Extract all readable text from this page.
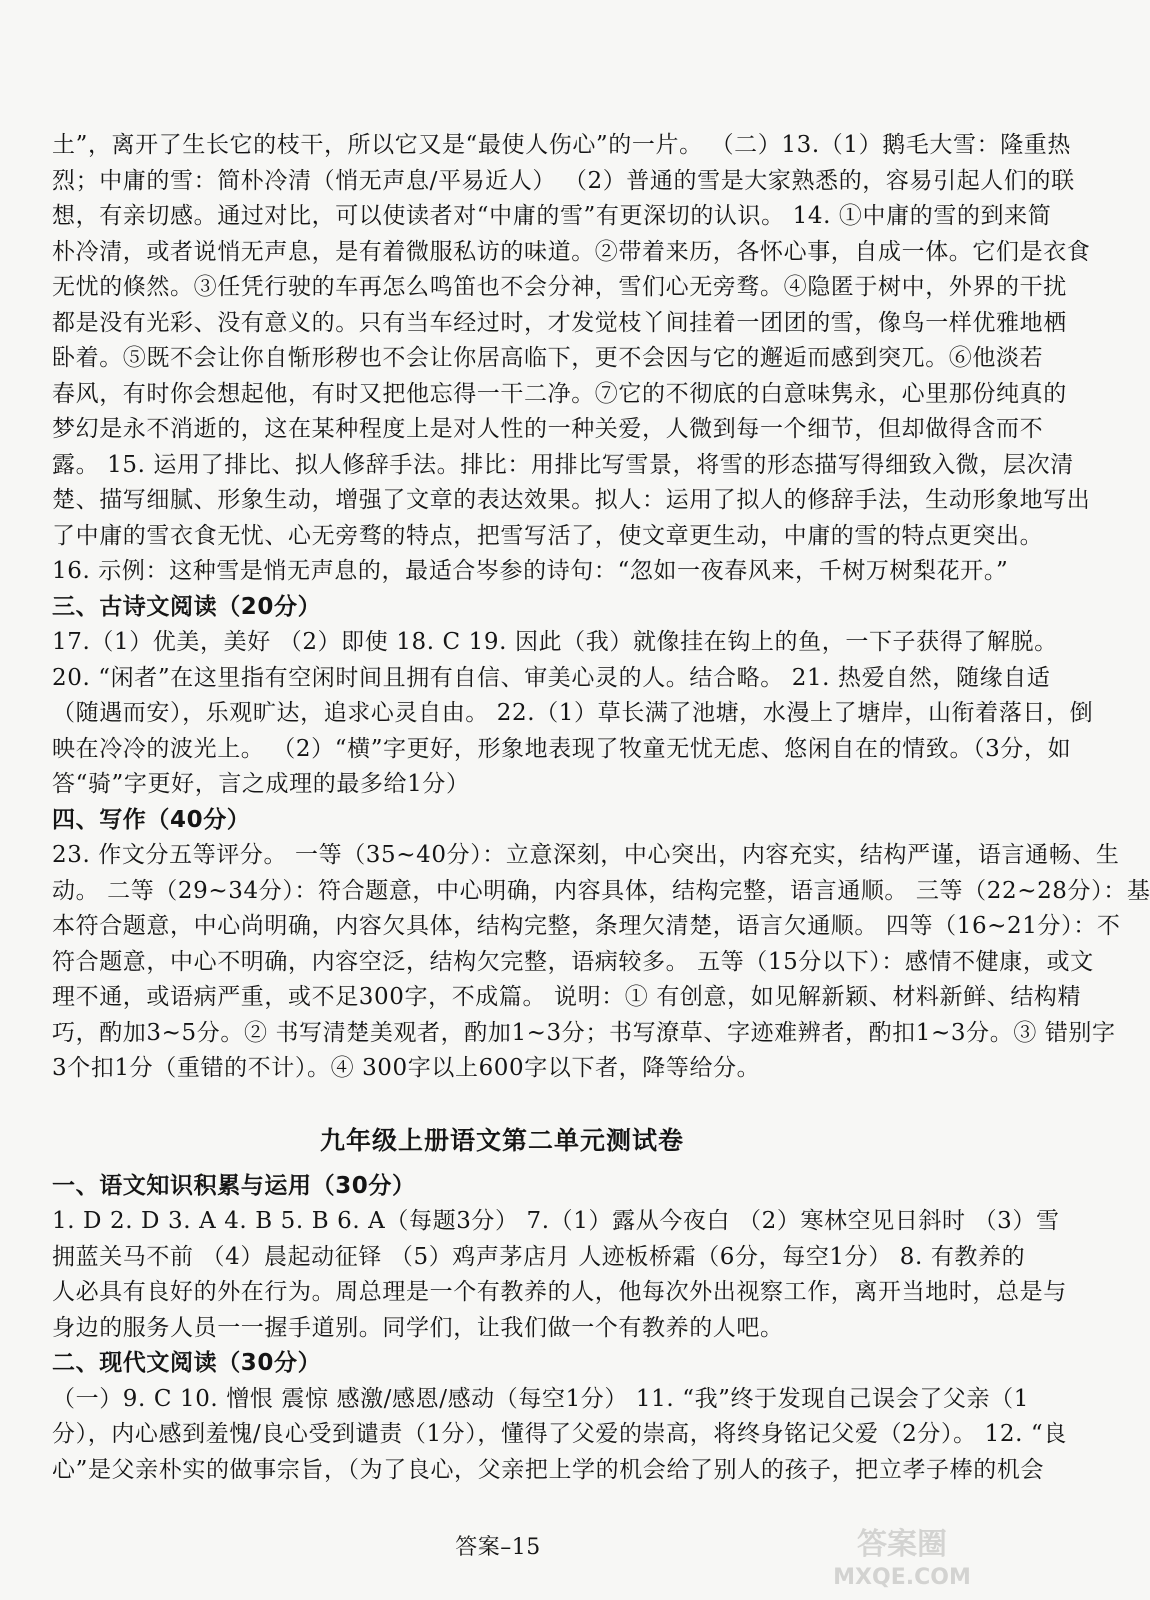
土”，离开了生长它的枝干，所以它又是“最使人伤心”的一片。 （二）13.（1）鹅毛大雪：隆重热
烈；中庸的雪：简朴冷清（悄无声息/平易近人） （2）普通的雪是大家熟悉的，容易引起人们的联
想，有亲切感。通过对比，可以使读者对“中庸的雪”有更深切的认识。 14. ①中庸的雪的到来简
朴冷清，或者说悄无声息，是有着微服私访的味道。②带着来历，各怀心事，自成一体。它们是衣食
无忧的倏然。③任凭行驶的车再怎么鸣笛也不会分神，雪们心无旁骛。④隐匿于树中，外界的干扰
都是没有光彩、没有意义的。只有当车经过时，才发觉枝丫间挂着一团团的雪，像鸟一样优雅地栖
卧着。⑤既不会让你自惭形秽也不会让你居高临下，更不会因与它的邂逅而感到突兀。⑥他淡若
春风，有时你会想起他，有时又把他忘得一干二净。⑦它的不彻底的白意味隽永，心里那份纯真的
梦幻是永不消逝的，这在某种程度上是对人性的一种关爱，人微到每一个细节，但却做得含而不
露。 15. 运用了排比、拟人修辞手法。排比：用排比写雪景，将雪的形态描写得细致入微，层次清
楚、描写细腻、形象生动，增强了文章的表达效果。拟人：运用了拟人的修辞手法，生动形象地写出
了中庸的雪衣食无忧、心无旁骛的特点，把雪写活了，使文章更生动，中庸的雪的特点更突出。
16. 示例：这种雪是悄无声息的，最适合岑参的诗句：“忽如一夜春风来，千树万树梨花开。”
三、古诗文阅读（20分）
17.（1）优美，美好 （2）即使 18. C 19. 因此（我）就像挂在钩上的鱼，一下子获得了解脱。
20. “闲者”在这里指有空闲时间且拥有自信、审美心灵的人。结合略。 21. 热爱自然，随缘自适
（随遇而安），乐观旷达，追求心灵自由。 22.（1）草长满了池塘，水漫上了塘岸，山衔着落日，倒
映在冷冷的波光上。 （2）“横”字更好，形象地表现了牧童无忧无虑、悠闲自在的情致。（3分，如
答“骑”字更好，言之成理的最多给1分）
四、写作（40分）
23. 作文分五等评分。 一等（35~40分）：立意深刻，中心突出，内容充实，结构严谨，语言通畅、生
动。 二等（29~34分）：符合题意，中心明确，内容具体，结构完整，语言通顺。 三等（22~28分）：基
本符合题意，中心尚明确，内容欠具体，结构完整，条理欠清楚，语言欠通顺。 四等（16~21分）：不
符合题意，中心不明确，内容空泛，结构欠完整，语病较多。 五等（15分以下）：感情不健康，或文
理不通，或语病严重，或不足300字，不成篇。 说明：① 有创意，如见解新颖、材料新鲜、结构精
巧，酌加3~5分。② 书写清楚美观者，酌加1~3分；书写潦草、字迹难辨者，酌扣1~3分。③ 错别字
3个扣1分（重错的不计）。④ 300字以上600字以下者，降等给分。
九年级上册语文第二单元测试卷
一、语文知识积累与运用（30分）
1. D 2. D 3. A 4. B 5. B 6. A（每题3分） 7.（1）露从今夜白 （2）寒林空见日斜时 （3）雪
拥蓝关马不前 （4）晨起动征铎 （5）鸡声茅店月 人迹板桥霜（6分，每空1分） 8. 有教养的
人必具有良好的外在行为。周总理是一个有教养的人，他每次外出视察工作，离开当地时，总是与
身边的服务人员一一握手道别。同学们，让我们做一个有教养的人吧。
二、现代文阅读（30分）
（一）9. C 10. 憎恨 震惊 感激/感恩/感动（每空1分） 11. “我”终于发现自己误会了父亲（1
分），内心感到羞愧/良心受到谴责（1分），懂得了父爱的崇高，将终身铭记父爱（2分）。 12. “良
心”是父亲朴实的做事宗旨，（为了良心，父亲把上学的机会给了别人的孩子，把立孝子棒的机会
答案–15	答案圈
MXQE.COM
